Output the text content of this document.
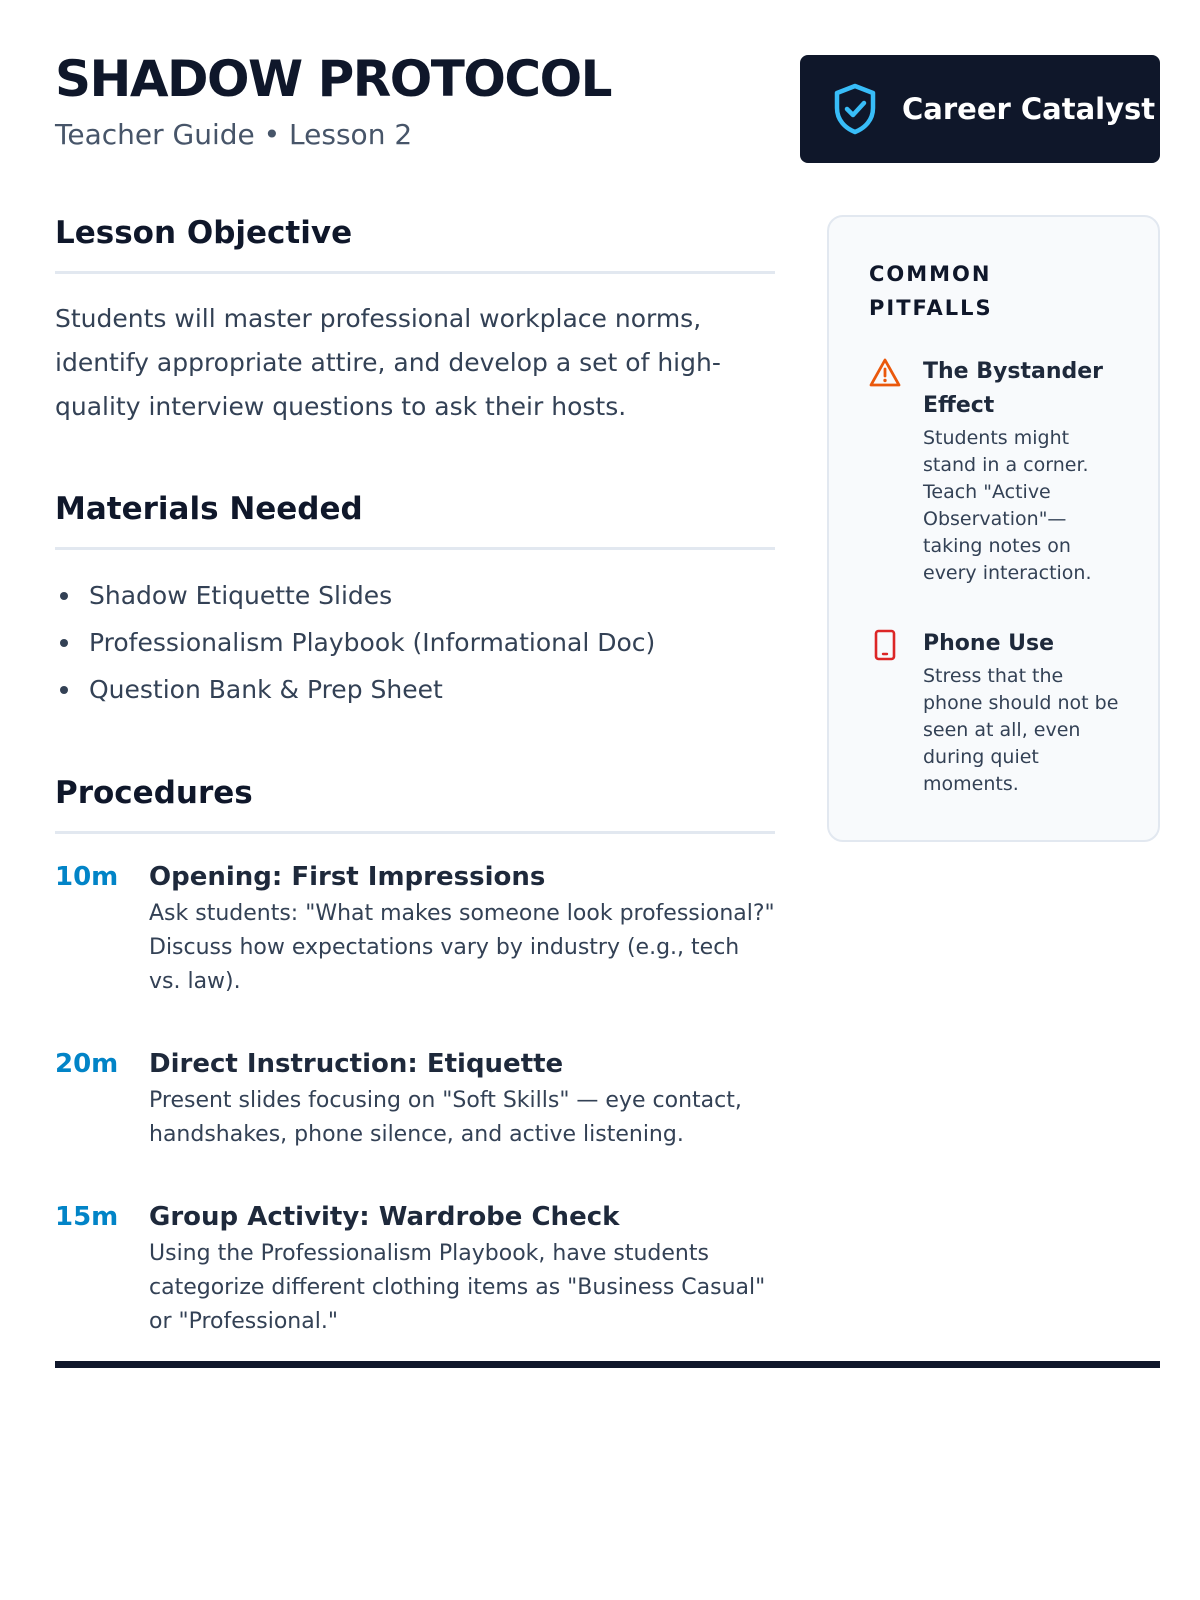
SHADOW PROTOCOL
Teacher Guide • Lesson 2
Career Catalyst
Lesson Objective

Students will master professional workplace norms, identify appropriate attire, and develop a set of high-quality interview questions to ask their hosts.

Materials Needed
Shadow Etiquette Slides
Professionalism Playbook (Informational Doc)
Question Bank & Prep Sheet
Procedures
10m	Opening: First Impressions
Ask students: "What makes someone look professional?" Discuss how expectations vary by industry (e.g., tech vs. law).
20m	Direct Instruction: Etiquette
Present slides focusing on "Soft Skills" — eye contact, handshakes, phone silence, and active listening.
15m	Group Activity: Wardrobe Check
Using the Professionalism Playbook, have students categorize different clothing items as "Business Casual" or "Professional."
COMMON PITFALLS
The Bystander Effect
Students might stand in a corner. Teach "Active Observation"—taking notes on every interaction.
Phone Use
Stress that the phone should not be seen at all, even during quiet moments.
